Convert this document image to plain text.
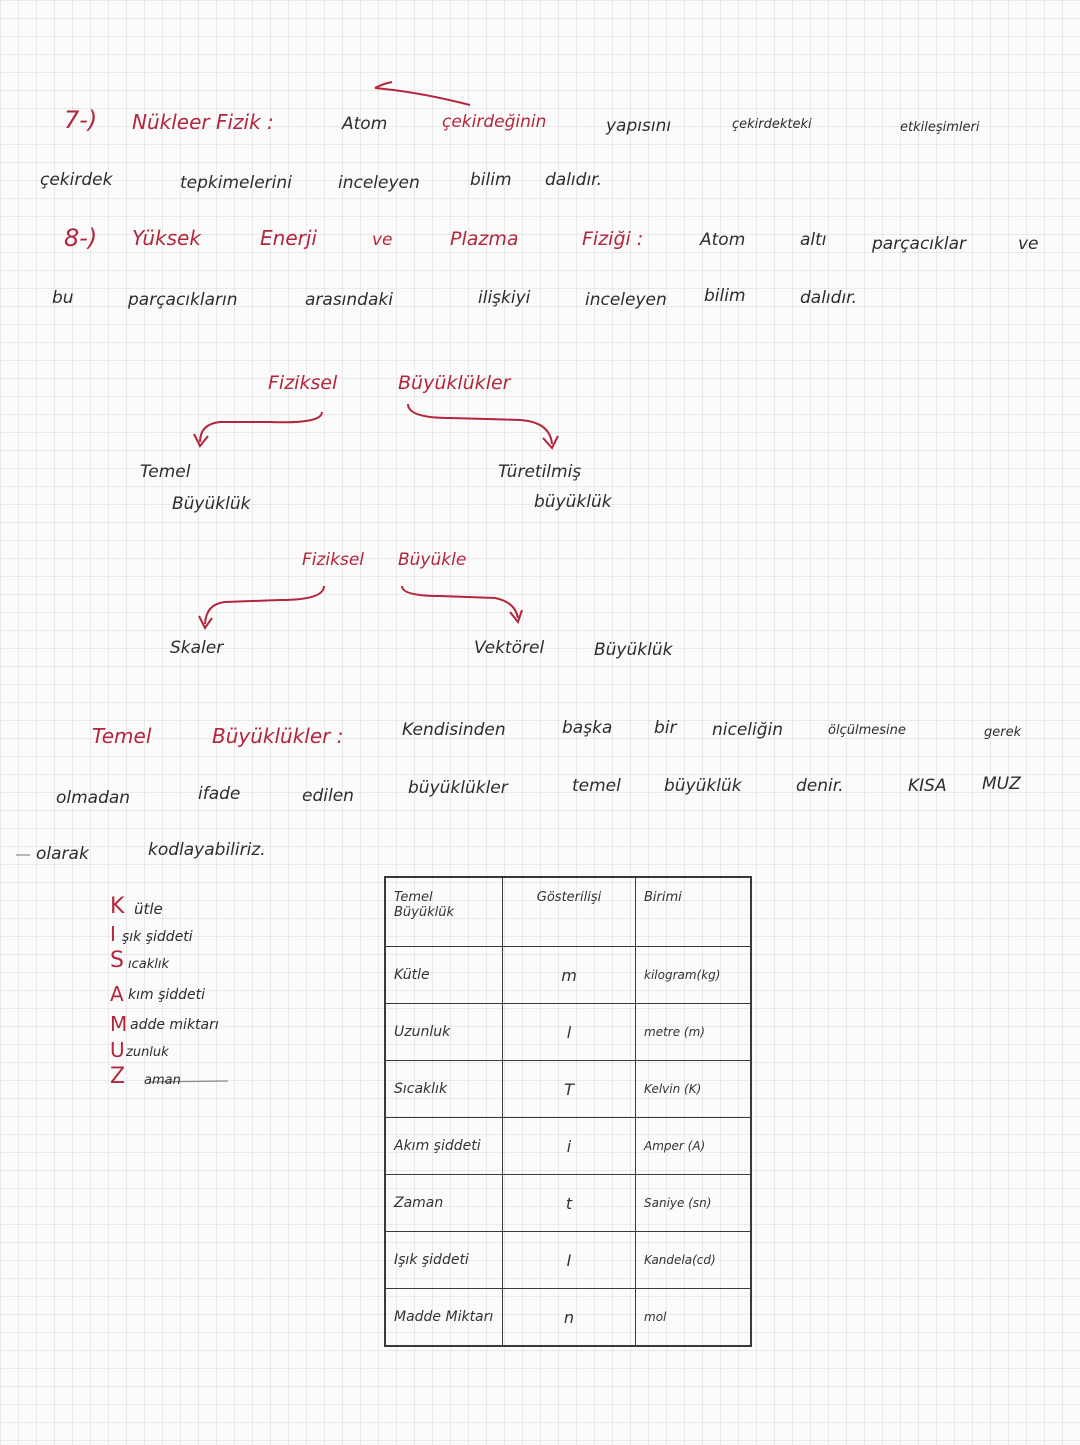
7-) Nükleer Fizik :	Atom	çekirdeğinin	yapısını	çekirdekteki	etkileşimleri
çekirdek	tepkimelerini	inceleyen	bilim dalıdır.
8-) Yüksek	Enerji	ve	Plazma	Fiziği :	Atom	altı	parçacıklar	ve
bu	parçacıkların	arasındaki	ilişkiyi	inceleyen bilim	dalıdır.
Fiziksel	Büyüklükler
Temel
Büyüklük
Türetilmiş
büyüklük
Fiziksel Büyükle
Skaler	Vektörel	Büyüklük
Temel	Büyüklükler :	Kendisinden	başka bir niceliğin	ölçülmesine	gerek
olmadan	ifade	edilen	büyüklükler	temel	büyüklük	denir.	KISA MUZ
olarak	kodlayabiliriz.
K ütle
I şık şiddeti
S ıcaklık
A kım şiddeti
M adde miktarı
U zunluk
Z aman
Temel Büyüklük	Gösterilişi	Birimi
Kütle	m	kilogram(kg)
Uzunluk	l	metre (m)
Sıcaklık	T	Kelvin (K)
Akım şiddeti	i	Amper (A)
Zaman	t	Saniye (sn)
Işık şiddeti	I	Kandela(cd)
Madde Miktarı	n	mol
